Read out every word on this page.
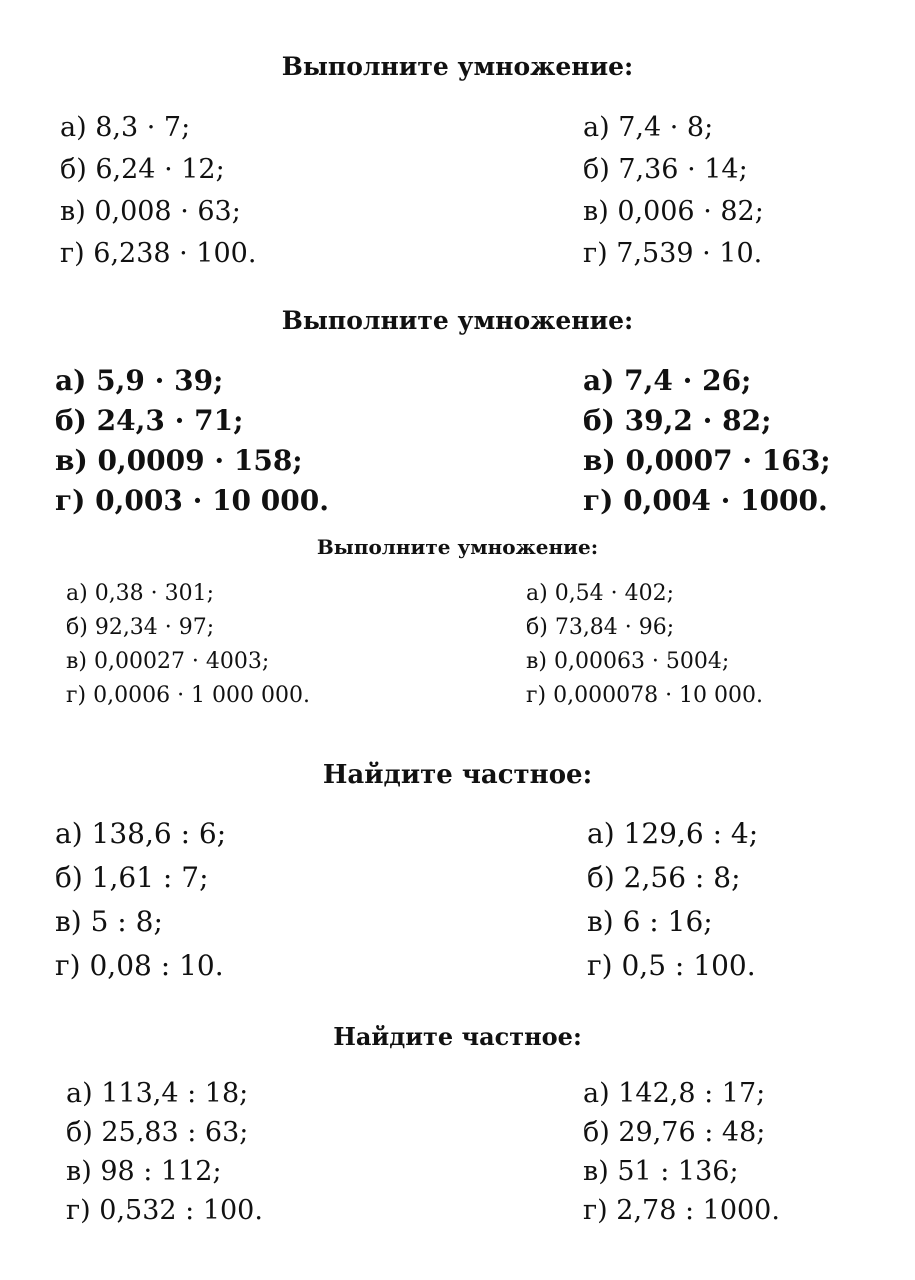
Выполните умножение:
а) 8,3 · 7;
б) 6,24 · 12;
в) 0,008 · 63;
г) 6,238 · 100.
а) 7,4 · 8;
б) 7,36 · 14;
в) 0,006 · 82;
г) 7,539 · 10.
Выполните умножение:
а) 5,9 · 39;
б) 24,3 · 71;
в) 0,0009 · 158;
г) 0,003 · 10 000.
а) 7,4 · 26;
б) 39,2 · 82;
в) 0,0007 · 163;
г) 0,004 · 1000.
Выполните умножение:
а) 0,38 · 301;
б) 92,34 · 97;
в) 0,00027 · 4003;
г) 0,0006 · 1 000 000.
а) 0,54 · 402;
б) 73,84 · 96;
в) 0,00063 · 5004;
г) 0,000078 · 10 000.
Найдите частное:
а) 138,6 : 6;
б) 1,61 : 7;
в) 5 : 8;
г) 0,08 : 10.
а) 129,6 : 4;
б) 2,56 : 8;
в) 6 : 16;
г) 0,5 : 100.
Найдите частное:
а) 113,4 : 18;
б) 25,83 : 63;
в) 98 : 112;
г) 0,532 : 100.
а) 142,8 : 17;
б) 29,76 : 48;
в) 51 : 136;
г) 2,78 : 1000.
